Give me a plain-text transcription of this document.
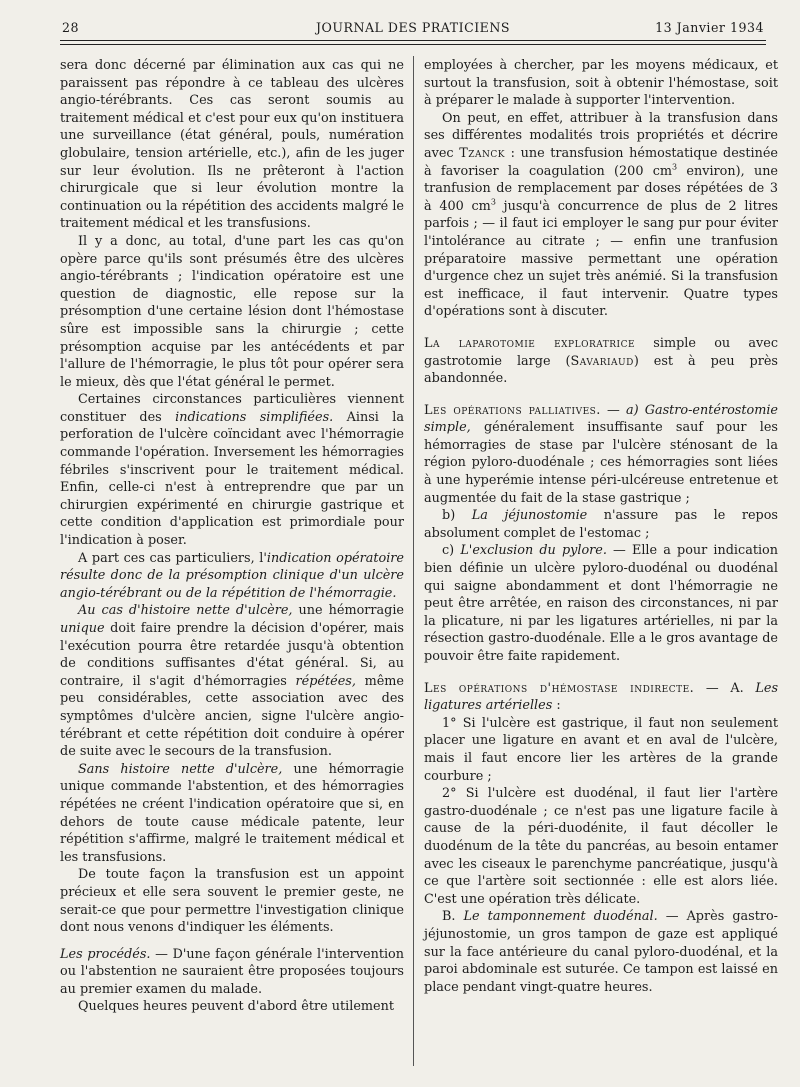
28	JOURNAL DES PRATICIENS	13 Janvier 1934

sera donc décerné par élimination aux cas qui ne paraissent pas répondre à ce tableau des ulcères angio-térébrants. Ces cas seront soumis au traitement médical et c'est pour eux qu'on instituera une surveillance (état général, pouls, numération globulaire, tension artérielle, etc.), afin de les juger sur leur évolution. Ils ne prêteront à l'action chirurgicale que si leur évolution montre la continuation ou la répétition des accidents malgré le traitement médical et les transfusions.

Il y a donc, au total, d'une part les cas qu'on opère parce qu'ils sont présumés être des ulcères angio-térébrants ; l'indication opératoire est une question de diagnostic, elle repose sur la présomption d'une certaine lésion dont l'hémostase sûre est impossible sans la chirurgie ; cette présomption acquise par les antécédents et par l'allure de l'hémorragie, le plus tôt pour opérer sera le mieux, dès que l'état général le permet.

Certaines circonstances particulières viennent constituer des indications simplifiées. Ainsi la perforation de l'ulcère coïncidant avec l'hémorragie commande l'opération. Inversement les hémorragies fébriles s'inscrivent pour le traitement médical. Enfin, celle-ci n'est à entreprendre que par un chirurgien expérimenté en chirurgie gastrique et cette condition d'application est primordiale pour l'indication à poser.

A part ces cas particuliers, l'indication opératoire résulte donc de la présomption clinique d'un ulcère angio-térébrant ou de la répétition de l'hémorragie.

Au cas d'histoire nette d'ulcère, une hémorragie unique doit faire prendre la décision d'opérer, mais l'exécution pourra être retardée jusqu'à obtention de conditions suffisantes d'état général. Si, au contraire, il s'agit d'hémorragies répétées, même peu considérables, cette association avec des symptômes d'ulcère ancien, signe l'ulcère angio-térébrant et cette répétition doit conduire à opérer de suite avec le secours de la transfusion.

Sans histoire nette d'ulcère, une hémorragie unique commande l'abstention, et des hémorragies répétées ne créent l'indication opératoire que si, en dehors de toute cause médicale patente, leur répétition s'affirme, malgré le traitement médical et les transfusions.

De toute façon la transfusion est un appoint précieux et elle sera souvent le premier geste, ne serait-ce que pour permettre l'investigation clinique dont nous venons d'indiquer les éléments.

Les procédés. — D'une façon générale l'intervention ou l'abstention ne sauraient être proposées toujours au premier examen du malade.

Quelques heures peuvent d'abord être utilement

employées à chercher, par les moyens médicaux, et surtout la transfusion, soit à obtenir l'hémostase, soit à préparer le malade à supporter l'intervention.

On peut, en effet, attribuer à la transfusion dans ses différentes modalités trois propriétés et décrire avec Tzanck : une transfusion hémostatique destinée à favoriser la coagulation (200 $cm^3$ environ), une tranfusion de remplacement par doses répétées de 3 à 400 $cm^3$ jusqu'à concurrence de plus de 2 litres parfois ; — il faut ici employer le sang pur pour éviter l'intolérance au citrate ; — enfin une tranfusion préparatoire massive permettant une opération d'urgence chez un sujet très anémié. Si la transfusion est inefficace, il faut intervenir. Quatre types d'opérations sont à discuter.

La laparotomie exploratrice simple ou avec gastrotomie large (Savariaud) est à peu près abandonnée.

Les opérations palliatives. — a) Gastro-entérostomie simple, généralement insuffisante sauf pour les hémorragies de stase par l'ulcère sténosant de la région pyloro-duodénale ; ces hémorragies sont liées à une hyperémie intense péri-ulcéreuse entretenue et augmentée du fait de la stase gastrique ;

b) La jéjunostomie n'assure pas le repos absolument complet de l'estomac ;

c) L'exclusion du pylore. — Elle a pour indication bien définie un ulcère pyloro-duodénal ou duodénal qui saigne abondamment et dont l'hémorragie ne peut être arrêtée, en raison des circonstances, ni par la plicature, ni par les ligatures artérielles, ni par la résection gastro-duodénale. Elle a le gros avantage de pouvoir être faite rapidement.

Les opérations d'hémostase indirecte. — A. Les ligatures artérielles :

1° Si l'ulcère est gastrique, il faut non seulement placer une ligature en avant et en aval de l'ulcère, mais il faut encore lier les artères de la grande courbure ;

2° Si l'ulcère est duodénal, il faut lier l'artère gastro-duodénale ; ce n'est pas une ligature facile à cause de la péri-duodénite, il faut décoller le duodénum de la tête du pancréas, au besoin entamer avec les ciseaux le parenchyme pancréatique, jusqu'à ce que l'artère soit sectionnée : elle est alors liée. C'est une opération très délicate.

B. Le tamponnement duodénal. — Après gastro-jéjunostomie, un gros tampon de gaze est appliqué sur la face antérieure du canal pyloro-duodénal, et la paroi abdominale est suturée. Ce tampon est laissé en place pendant vingt-quatre heures.
